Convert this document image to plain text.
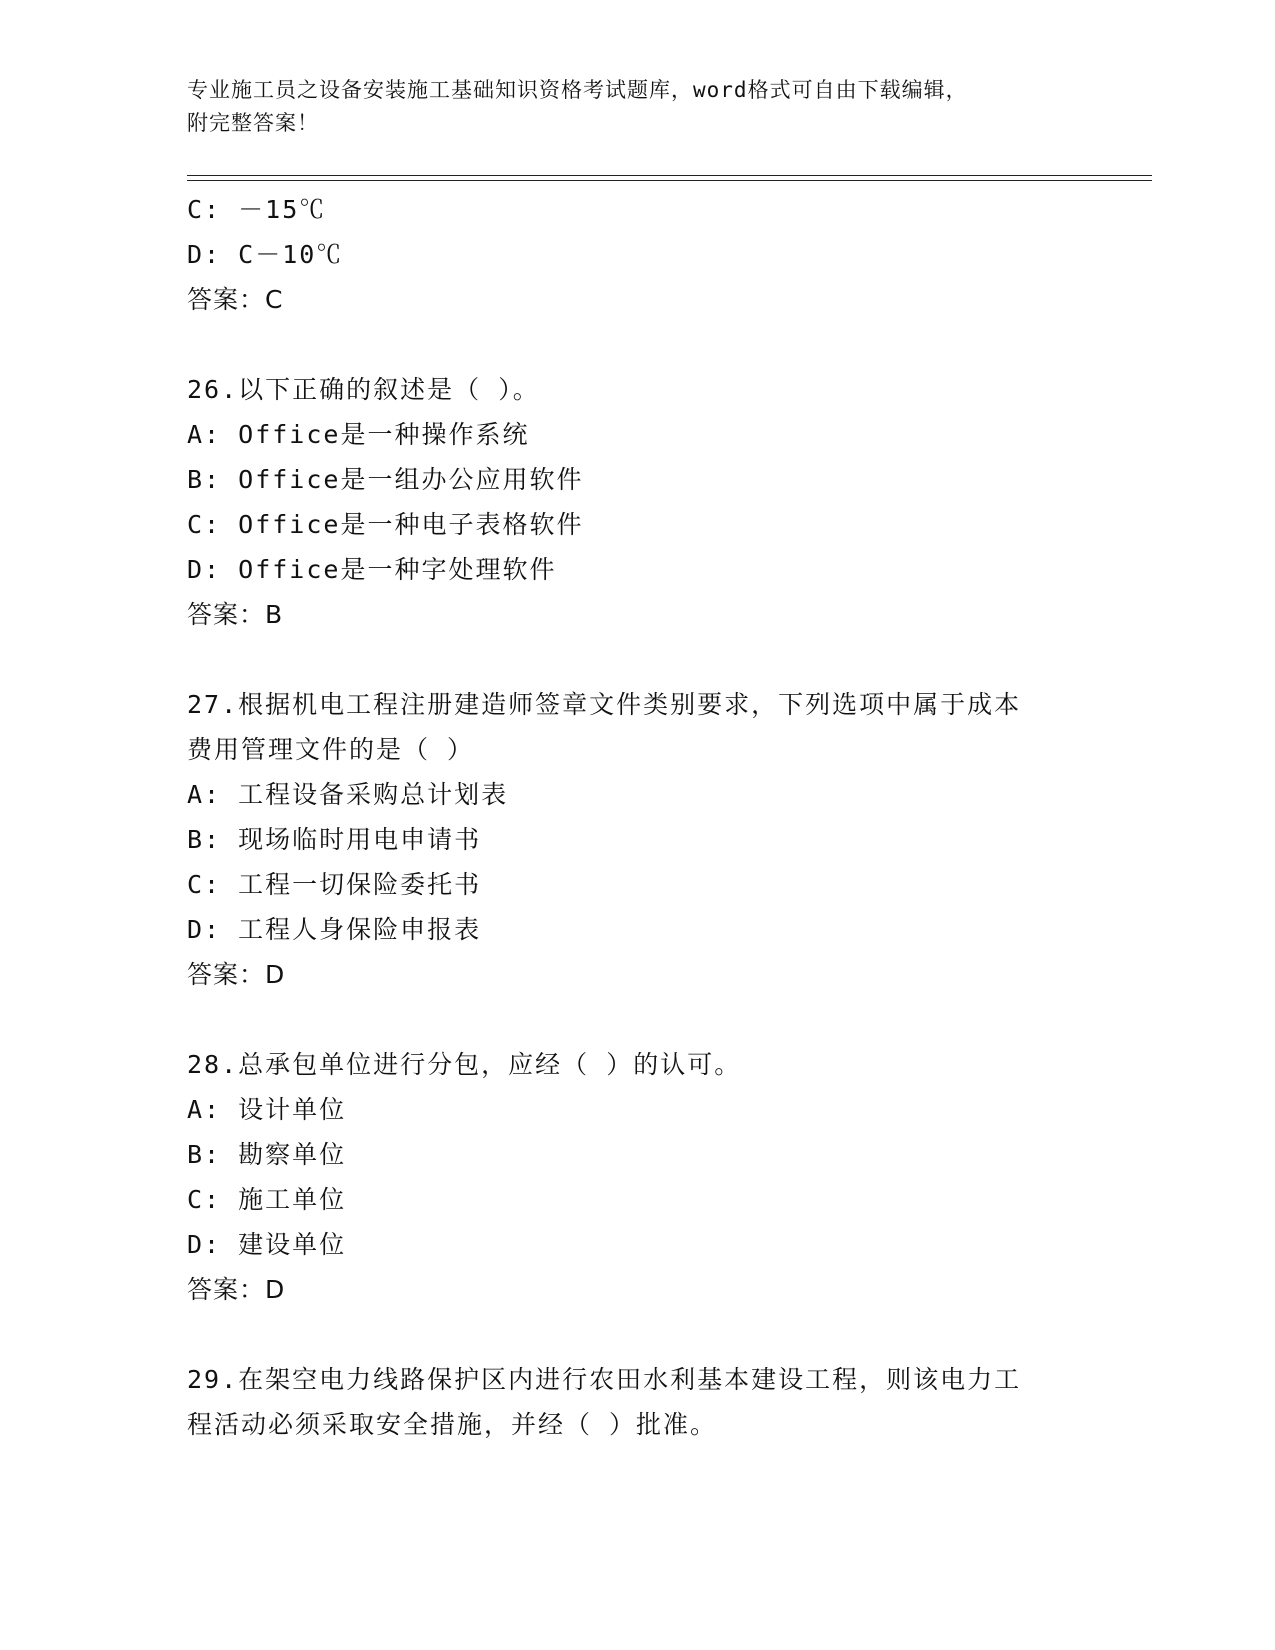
专业施工员之设备安装施工基础知识资格考试题库，word格式可自由下载编辑，
附完整答案！
C: －15℃
D: C－10℃
答案：C
26.以下正确的叙述是（ ）。
A: Office是一种操作系统
B: Office是一组办公应用软件
C: Office是一种电子表格软件
D: Office是一种字处理软件
答案：B
27.根据机电工程注册建造师签章文件类别要求，下列选项中属于成本
费用管理文件的是（ ）
A: 工程设备采购总计划表
B: 现场临时用电申请书
C: 工程一切保险委托书
D: 工程人身保险申报表
答案：D
28.总承包单位进行分包，应经（ ）的认可。
A: 设计单位
B: 勘察单位
C: 施工单位
D: 建设单位
答案：D
29.在架空电力线路保护区内进行农田水利基本建设工程，则该电力工
程活动必须采取安全措施，并经（ ）批准。
